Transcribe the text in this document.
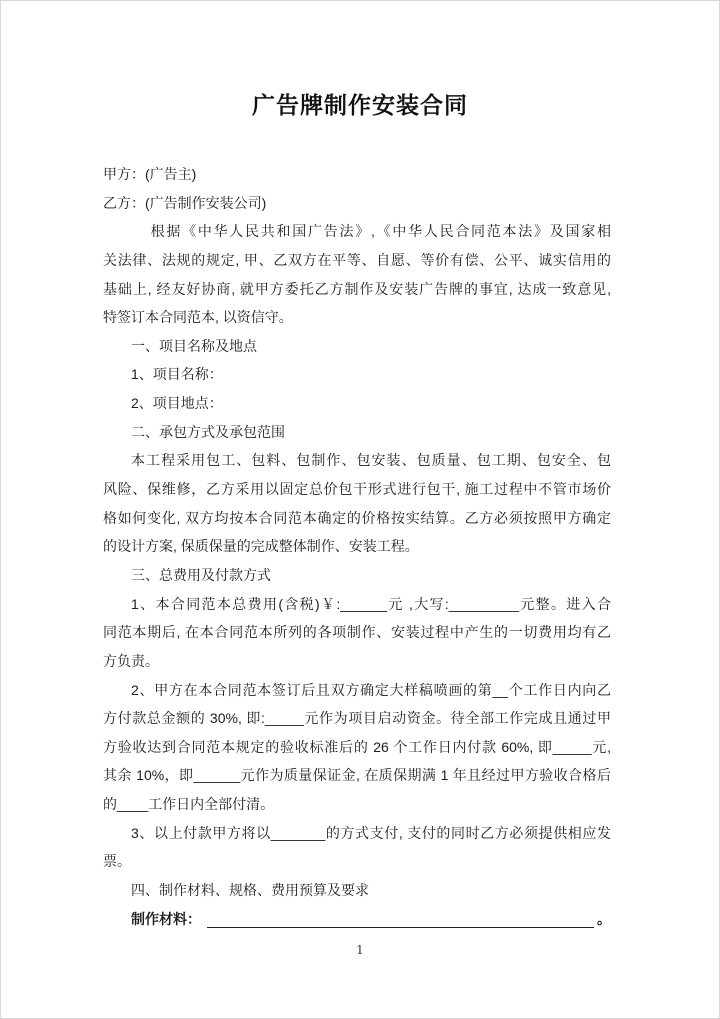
广告牌制作安装合同
甲方：(广告主)
乙方：(广告制作安装公司)
根据《中华人民共和国广告法》,《中华人民合同范本法》及国家相
关法律、法规的规定, 甲、乙双方在平等、自愿、等价有偿、公平、诚实信用的
基础上, 经友好协商, 就甲方委托乙方制作及安装广告牌的事宜, 达成一致意见,
特签订本合同范本, 以资信守。
一、项目名称及地点
1、项目名称：
2、项目地点：
二、承包方式及承包范围
本工程采用包工、包料、包制作、包安装、包质量、包工期、包安全、包
风险、保维修，乙方采用以固定总价包干形式进行包干, 施工过程中不管市场价
格如何变化, 双方均按本合同范本确定的价格按实结算。乙方必须按照甲方确定
的设计方案, 保质保量的完成整体制作、安装工程。
三、总费用及付款方式
1、本合同范本总费用(含税)￥:______元 ,大写:_________元整。进入合
同范本期后, 在本合同范本所列的各项制作、安装过程中产生的一切费用均有乙
方负责。
2、甲方在本合同范本签订后且双方确定大样稿喷画的第__个工作日内向乙
方付款总金额的 30%, 即:_____元作为项目启动资金。待全部工作完成且通过甲
方验收达到合同范本规定的验收标准后的 26 个工作日内付款 60%, 即_____元,
其余 10%，即______元作为质量保证金, 在质保期满 1 年且经过甲方验收合格后
的____工作日内全部付清。
3、以上付款甲方将以_______的方式支付, 支付的同时乙方必须提供相应发
票。
四、制作材料、规格、费用预算及要求
制作材料：	。
1
